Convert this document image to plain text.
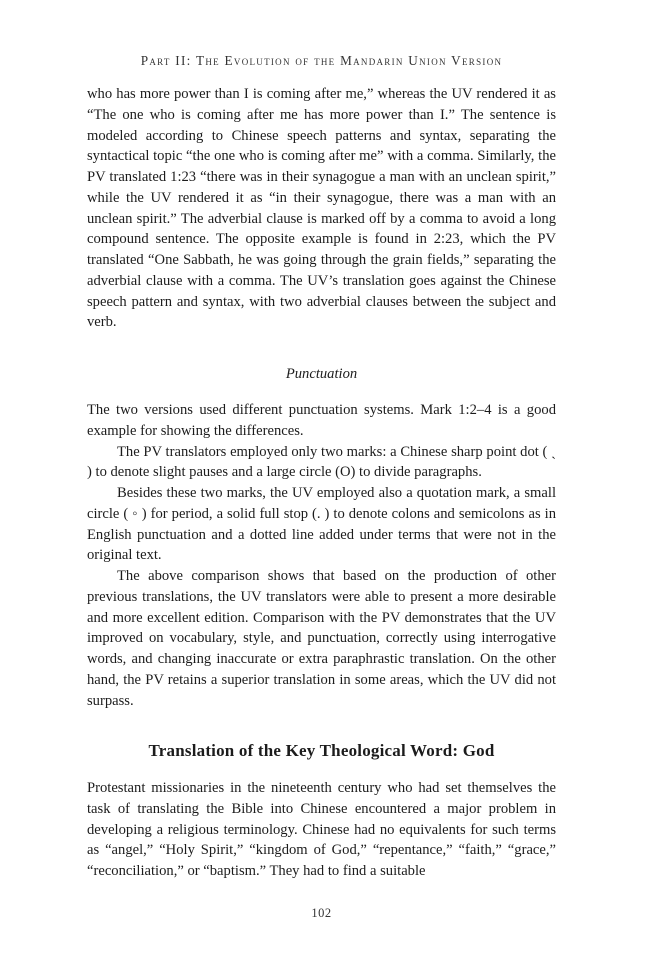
Part II: The Evolution of the Mandarin Union Version

who has more power than I is coming after me,” whereas the UV rendered it as “The one who is coming after me has more power than I.” The sentence is modeled according to Chinese speech patterns and syntax, separating the syntactical topic “the one who is coming after me” with a comma. Similarly, the PV translated 1:23 “there was in their synagogue a man with an unclean spirit,” while the UV rendered it as “in their synagogue, there was a man with an unclean spirit.” The adverbial clause is marked off by a comma to avoid a long compound sentence. The opposite example is found in 2:23, which the PV translated “One Sabbath, he was going through the grain fields,” separating the adverbial clause with a comma. The UV’s translation goes against the Chinese speech pattern and syntax, with two adverbial clauses between the subject and verb.

Punctuation

The two versions used different punctuation systems. Mark 1:2–4 is a good example for showing the differences.

The PV translators employed only two marks: a Chinese sharp point dot ( ˎ ) to denote slight pauses and a large circle (O) to divide paragraphs.

Besides these two marks, the UV employed also a quotation mark, a small circle ( ◦ ) for period, a solid full stop (. ) to denote colons and semicolons as in English punctuation and a dotted line added under terms that were not in the original text.

The above comparison shows that based on the production of other previous translations, the UV translators were able to present a more desirable and more excellent edition. Comparison with the PV demonstrates that the UV improved on vocabulary, style, and punctuation, correctly using interrogative words, and changing inaccurate or extra paraphrastic translation. On the other hand, the PV retains a superior translation in some areas, which the UV did not surpass.

Translation of the Key Theological Word: God

Protestant missionaries in the nineteenth century who had set themselves the task of translating the Bible into Chinese encountered a major problem in developing a religious terminology. Chinese had no equivalents for such terms as “angel,” “Holy Spirit,” “kingdom of God,” “repentance,” “faith,” “grace,” “reconciliation,” or “baptism.” They had to find a suitable

102
